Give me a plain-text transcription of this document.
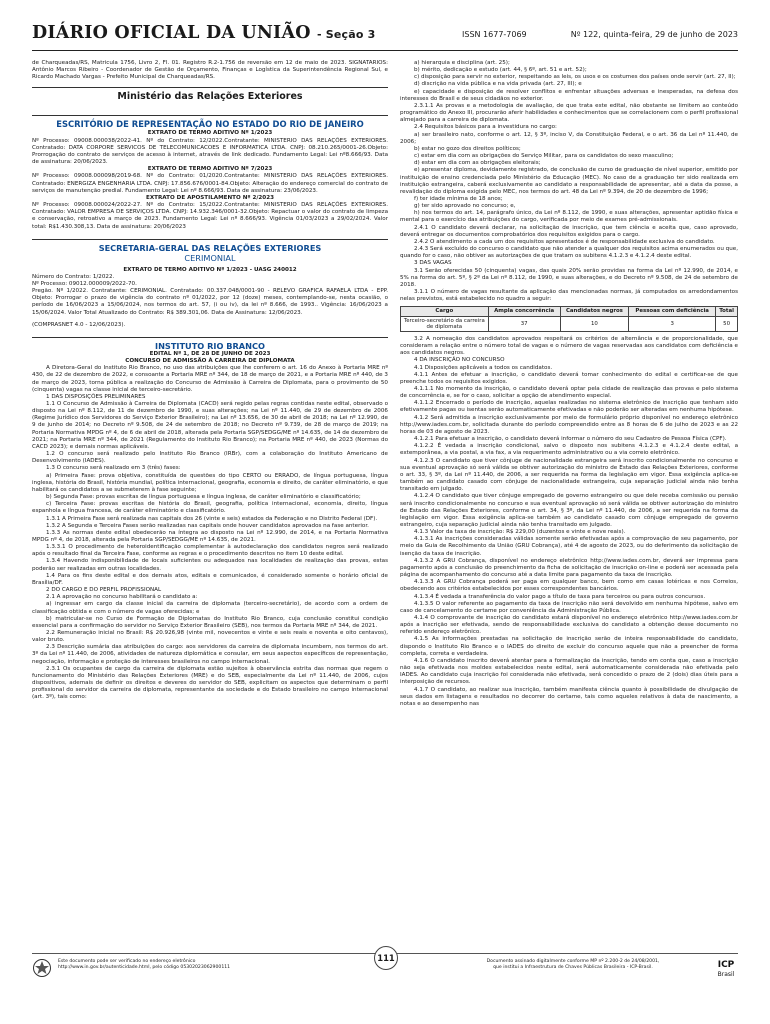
DIÁRIO OFICIAL DA UNIÃO - Seção 3	ISSN 1677-7069	Nº 122, quinta-feira, 29 de junho de 2023

de Charqueadas/RS, Matrícula 1756, Livro 2, Fl. 01. Registro R.2-1.756 de reversão em 12 de maio de 2023. SIGNATÁRIOS: Antônio Marcos Ribeiro - Coordenador de Gestão de Orçamento, Finanças e Logística da Superintendência Regional Sul, e Ricardo Machado Vargas - Prefeito Municipal de Charqueadas/RS.

Ministério das Relações Exteriores
ESCRITÓRIO DE REPRESENTAÇÃO NO ESTADO DO RIO DE JANEIRO

EXTRATO DE TERMO ADITIVO Nº 1/2023

Nº Processo: 09008.000038/2022-41. Nº do Contrato: 12/2022.Contratante: MINISTERIO DAS RELAÇÕES EXTERIORES. Contratado: DATA CORPORE SERVICOS DE TELECOMUNICACOES E INFORMATICA LTDA. CNPJ: 08.210.265/0001-26.Objeto: Prorrogação do contrato de serviços de acesso à internet, através de link dedicado. Fundamento Legal: Lei nº8.666/93. Data de assinatura: 20/06/2023.

EXTRATO DE TERMO ADITIVO Nº 7/2023

Nº Processo: 09008.000098/2019-68. Nº do Contrato: 01/2020.Contratante: MINISTERIO DAS RELAÇÕES EXTERIORES. Contratado: ENERGIZA ENGENHARIA LTDA. CNPJ: 17.856.676/0001-84.Objeto: Alteração do endereço comercial do contrato de serviços de manutenção predial. Fundamento Legal: Lei nº 8.666/93. Data de assinatura: 23/06/2023.

EXTRATO DE APOSTILAMENTO Nº 2/2023

Nº Processo: 09008.000024/2022-27. Nº do Contrato: 15/2022.Contratante: MINISTERIO DAS RELAÇÕES EXTERIORES. Contratado: VALOR EMPRESA DE SERVIÇOS LTDA. CNPJ: 14.932.346/0001-32.Objeto: Repactuar o valor do contrato de limpeza e conservação, retroativo a março de 2023. Fundamento Legal: Lei nº 8.666/93. Vigência 01/03/2023 a 29/02/2024. Valor total: R$1.430.308,13. Data de assinatura: 20/06/2023

SECRETARIA-GERAL DAS RELAÇÕES EXTERIORES
CERIMONIAL

EXTRATO DE TERMO ADITIVO Nº 1/2023 - UASG 240012

Número do Contrato: 1/2022.
Nº Processo: 09012.000009/2022-70.
Pregão. Nº 1/2022. Contratante: CERIMONIAL. Contratado: 00.337.048/0001-90 - RELEVO GRAFICA RAFAELA LTDA - EPP. Objeto: Prorrogar o prazo de vigência do contrato nº 01/2022, por 12 (doze) meses, contemplando-se, nesta ocasião, o período de 16/06/2023 a 15/06/2024, nos termos do art. 57, (i ou iv), da lei nº 8.666, de 1993.. Vigência: 16/06/2023 a 15/06/2024. Valor Total Atualizado do Contrato: R$ 389.301,06. Data de Assinatura: 12/06/2023.

(COMPRASNET 4.0 - 12/06/2023).

INSTITUTO RIO BRANCO

EDITAL Nº 1, DE 28 DE JUNHO DE 2023
CONCURSO DE ADMISSÃO À CARREIRA DE DIPLOMATA

A Diretora-Geral do Instituto Rio Branco, no uso das atribuições que lhe conferem o art. 16 do Anexo à Portaria MRE nº 430, de 22 de dezembro de 2022, e consoante a Portaria MRE nº 344, de 18 de março de 2021, e a Portaria MRE nº 440, de 3 de março de 2023, torna pública a realização do Concurso de Admissão à Carreira de Diplomata, para o provimento de 50 (cinquenta) vagas na classe inicial de terceiro-secretário.

1 DAS DISPOSIÇÕES PRELIMINARES

1.1 O Concurso de Admissão à Carreira de Diplomata (CACD) será regido pelas regras contidas neste edital, observado o disposto na Lei nº 8.112, de 11 de dezembro de 1990, e suas alterações; na Lei nº 11.440, de 29 de dezembro de 2006 (Regime Jurídico dos Servidores do Serviço Exterior Brasileiro); na Lei nº 13.656, de 30 de abril de 2018; na Lei nº 12.990, de 9 de junho de 2014; no Decreto nº 9.508, de 24 de setembro de 2018; no Decreto nº 9.739, de 28 de março de 2019; na Portaria Normativa MPDG nº 4, de 6 de abril de 2018, alterada pela Portaria SGP/SEDGG/ME nº 14.635, de 14 de dezembro de 2021; na Portaria MRE nº 344, de 2021 (Regulamento do Instituto Rio Branco); na Portaria MRE nº 440, de 2023 (Normas do CACD 2023); e demais normas aplicáveis.

1.2 O concurso será realizado pelo Instituto Rio Branco (IRBr), com a colaboração do Instituto Americano de Desenvolvimento (IADES).

1.3 O concurso será realizado em 3 (três) fases:

a) Primeira Fase: prova objetiva, constituída de questões do tipo CERTO ou ERRADO, de língua portuguesa, língua inglesa, história do Brasil, história mundial, política internacional, geografia, economia e direito, de caráter eliminatório, e que habilitará os candidatos a se submeterem à fase seguinte;

b) Segunda Fase: provas escritas de língua portuguesa e língua inglesa, de caráter eliminatório e classificatório;

c) Terceira Fase: provas escritas de história do Brasil, geografia, política internacional, economia, direito, língua espanhola e língua francesa, de caráter eliminatório e classificatório.

1.3.1 A Primeira Fase será realizada nas capitais dos 26 (vinte e seis) estados da Federação e no Distrito Federal (DF).

1.3.2 A Segunda e Terceira Fases serão realizadas nas capitais onde houver candidatos aprovados na fase anterior.

1.3.3 As normas deste edital obedecerão na íntegra ao disposto na Lei nº 12.990, de 2014, e na Portaria Normativa MPDG nº 4, de 2018, alterada pela Portaria SGP/SEDGG/ME nº 14.635, de 2021.

1.3.3.1 O procedimento de heteroidentificação complementar à autodeclaração dos candidatos negros será realizado após o resultado final da Terceira Fase, conforme as regras e o procedimento descritos no item 10 deste edital.

1.3.4 Havendo indisponibilidade de locais suficientes ou adequados nas localidades de realização das provas, estas poderão ser realizadas em outras localidades.

1.4 Para os fins deste edital e dos demais atos, editais e comunicados, é considerado somente o horário oficial de Brasília/DF.

2 DO CARGO E DO PERFIL PROFISSIONAL

2.1 A aprovação no concurso habilitará o candidato a:

a) ingressar em cargo da classe inicial da carreira de diplomata (terceiro-secretário), de acordo com a ordem de classificação obtida e com o número de vagas oferecidas; e

b) matricular-se no Curso de Formação de Diplomatas do Instituto Rio Branco, cuja conclusão constitui condição essencial para a confirmação do servidor no Serviço Exterior Brasileiro (SEB), nos termos da Portaria MRE nº 344, de 2021.

2.2 Remuneração inicial no Brasil: R$ 20.926,98 (vinte mil, novecentos e vinte e seis reais e noventa e oito centavos), valor bruto.

2.3 Descrição sumária das atribuições do cargo: aos servidores da carreira de diplomata incumbem, nos termos do art. 3º da Lei nº 11.440, de 2006, atividades de natureza diplomática e consular, em seus aspectos específicos de representação, negociação, informação e proteção de interesses brasileiros no campo internacional.

2.3.1 Os ocupantes de cargo da carreira de diplomata estão sujeitos à observância estrita das normas que regem o funcionamento do Ministério das Relações Exteriores (MRE) e do SEB, especialmente da Lei nº 11.440, de 2006, cujos dispositivos, ademais de definir os direitos e deveres do servidor do SEB, explicitam os aspectos que determinam o perfil profissional do servidor da carreira de diplomata, representante da sociedade e do Estado brasileiro no campo internacional (art. 3º), tais como:

a) hierarquia e disciplina (art. 25);

b) mérito, dedicação e estudo (art. 44, § 6º, art. 51 e art. 52);

c) disposição para servir no exterior, respeitando as leis, os usos e os costumes dos países onde servir (art. 27, II);

d) discrição na vida pública e na vida privada (art. 27, III); e

e) capacidade e disposição de resolver conflitos e enfrentar situações adversas e inesperadas, na defesa dos interesses do Brasil e de seus cidadãos no exterior.

2.3.1.1 As provas e a metodologia de avaliação, de que trata este edital, não obstante se limitem ao conteúdo programático do Anexo III, procurarão aferir habilidades e conhecimentos que se correlacionem com o perfil profissional almejado para a carreira de diplomata.

2.4 Requisitos básicos para a investidura no cargo:

a) ser brasileiro nato, conforme o art. 12, § 3º, inciso V, da Constituição Federal, e o art. 36 da Lei nº 11.440, de 2006;

b) estar no gozo dos direitos políticos;

c) estar em dia com as obrigações do Serviço Militar, para os candidatos do sexo masculino;

d) estar em dia com as obrigações eleitorais;

e) apresentar diploma, devidamente registrado, de conclusão de curso de graduação de nível superior, emitido por instituição de ensino credenciada pelo Ministério da Educação (MEC). No caso de a graduação ter sido realizada em instituição estrangeira, caberá exclusivamente ao candidato a responsabilidade de apresentar, até a data da posse, a revalidação do diploma exigida pelo MEC, nos termos do art. 48 da Lei nº 9.394, de 20 de dezembro de 1996;

f) ter idade mínima de 18 anos;

g) ter sido aprovado no concurso; e,

h) nos termos do art. 14, parágrafo único, da Lei nº 8.112, de 1990, e suas alterações, apresentar aptidão física e mental para o exercício das atribuições do cargo, verificada por meio de exames pré-admissionais.

2.4.1 O candidato deverá declarar, na solicitação de inscrição, que tem ciência e aceita que, caso aprovado, deverá entregar os documentos comprobatórios dos requisitos exigidos para o cargo.

2.4.2 O atendimento a cada um dos requisitos apresentados é de responsabilidade exclusiva do candidato.

2.4.3 Será excluído do concurso o candidato que não atender a qualquer dos requisitos acima enumerados ou que, quando for o caso, não obtiver as autorizações de que tratam os subitens 4.1.2.3 e 4.1.2.4 deste edital.

3 DAS VAGAS

3.1 Serão oferecidas 50 (cinquenta) vagas, das quais 20% serão providas na forma da Lei nº 12.990, de 2014, e 5% na forma do art. 5º, § 2º da Lei nº 8.112, de 1990, e suas alterações, e do Decreto nº 9.508, de 24 de setembro de 2018.

3.1.1 O número de vagas resultante da aplicação das mencionadas normas, já computados os arredondamentos nelas previstos, está estabelecido no quadro a seguir:

Cargo	Ampla concorrência	Candidatos negros	Pessoas com deficiência	Total
Terceiro-secretário da carreira de diplomata	37	10	3	50

3.2 A nomeação dos candidatos aprovados respeitará os critérios de alternância e de proporcionalidade, que consideram a relação entre o número total de vagas e o número de vagas reservadas aos candidatos com deficiência e aos candidatos negros.

4 DA INSCRIÇÃO NO CONCURSO

4.1 Disposições aplicáveis a todos os candidatos.

4.1.1 Antes de efetuar a inscrição, o candidato deverá tomar conhecimento do edital e certificar-se de que preenche todos os requisitos exigidos.

4.1.1.1 No momento da inscrição, o candidato deverá optar pela cidade de realização das provas e pelo sistema de concorrência e, se for o caso, solicitar a opção de atendimento especial.

4.1.1.2 Encerrado o período de inscrição, aquelas realizadas no sistema eletrônico de inscrição que tenham sido efetivamente pagas ou isentas serão automaticamente efetivadas e não poderão ser alteradas em nenhuma hipótese.

4.1.2 Será admitida a inscrição exclusivamente por meio de formulário próprio disponível no endereço eletrônico http://www.iades.com.br, solicitada durante do período compreendido entre as 8 horas de 6 de julho de 2023 e as 22 horas de 03 de agosto de 2023.

4.1.2.1 Para efetuar a inscrição, o candidato deverá informar o número do seu Cadastro de Pessoa Física (CPF).

4.1.2.2 É vedada a inscrição condicional, salvo o disposto nos subitens 4.1.2.3 e 4.1.2.4 deste edital, a extemporânea, a via postal, a via fax, a via requerimento administrativo ou a via correio eletrônico.

4.1.2.3 O candidato que tiver cônjuge de nacionalidade estrangeira será inscrito condicionalmente no concurso e sua eventual aprovação só será válida se obtiver autorização do ministro de Estado das Relações Exteriores, conforme o art. 33, § 3º, da Lei nº 11.440, de 2006, a ser requerida na forma da legislação em vigor. Essa exigência aplica-se também ao candidato casado com cônjuge de nacionalidade estrangeira, cuja separação judicial ainda não tenha transitado em julgado.

4.1.2.4 O candidato que tiver cônjuge empregado de governo estrangeiro ou que dele receba comissão ou pensão será inscrito condicionalmente no concurso e sua eventual aprovação só será válida se obtiver autorização do ministro de Estado das Relações Exteriores, conforme o art. 34, § 3º, da Lei nº 11.440, de 2006, a ser requerida na forma da legislação em vigor. Essa exigência aplica-se também ao candidato casado com cônjuge empregado de governo estrangeiro, cuja separação judicial ainda não tenha transitado em julgado.

4.1.3 Valor da taxa de inscrição: R$ 229,00 (duzentos e vinte e nove reais).

4.1.3.1 As inscrições consideradas válidas somente serão efetivadas após a comprovação de seu pagamento, por meio da Guia de Recolhimento da União (GRU Cobrança), até 4 de agosto de 2023, ou do deferimento da solicitação de isenção da taxa de inscrição.

4.1.3.2 A GRU Cobrança, disponível no endereço eletrônico http://www.iades.com.br, deverá ser impressa para pagamento após a conclusão do preenchimento da ficha de solicitação de inscrição on-line e poderá ser acessada pela página de acompanhamento do concurso até a data limite para pagamento da taxa de inscrição.

4.1.3.3 A GRU Cobrança poderá ser paga em qualquer banco, bem como em casas lotéricas e nos Correios, obedecendo aos critérios estabelecidos por esses correspondentes bancários.

4.1.3.4 É vedada a transferência do valor pago a título de taxa para terceiros ou para outros concursos.

4.1.3.5 O valor referente ao pagamento da taxa de inscrição não será devolvido em nenhuma hipótese, salvo em caso de cancelamento do certame por conveniência da Administração Pública.

4.1.4 O comprovante de inscrição do candidato estará disponível no endereço eletrônico http://www.iades.com.br após a inscrição ser efetivada, sendo de responsabilidade exclusiva do candidato a obtenção desse documento no referido endereço eletrônico.

4.1.5 As informações prestadas na solicitação de inscrição serão de inteira responsabilidade do candidato, dispondo o Instituto Rio Branco e o IADES do direito de excluir do concurso aquele que não a preencher de forma completa, correta e verdadeira.

4.1.6 O candidato inscrito deverá atentar para a formalização da inscrição, tendo em conta que, caso a inscrição não seja efetivada nos moldes estabelecidos neste edital, será automaticamente considerada não efetivada pelo IADES. Ao candidato cuja inscrição foi considerada não efetivada, será concedido o prazo de 2 (dois) dias úteis para a interposição de recursos.

4.1.7 O candidato, ao realizar sua inscrição, também manifesta ciência quanto à possibilidade de divulgação de seus dados em listagens e resultados no decorrer do certame, tais como aqueles relativos à data de nascimento, a notas e ao desempenho nas

Este documento pode ser verificado no endereço eletrônico
http://www.in.gov.br/autenticidade.html, pelo código 05302023062900111
111	Documento assinado digitalmente conforme MP nº 2.200-2 de 24/08/2001,
que institui a Infraestrutura de Chaves Públicas Brasileira - ICP-Brasil.	ICP
Brasil
